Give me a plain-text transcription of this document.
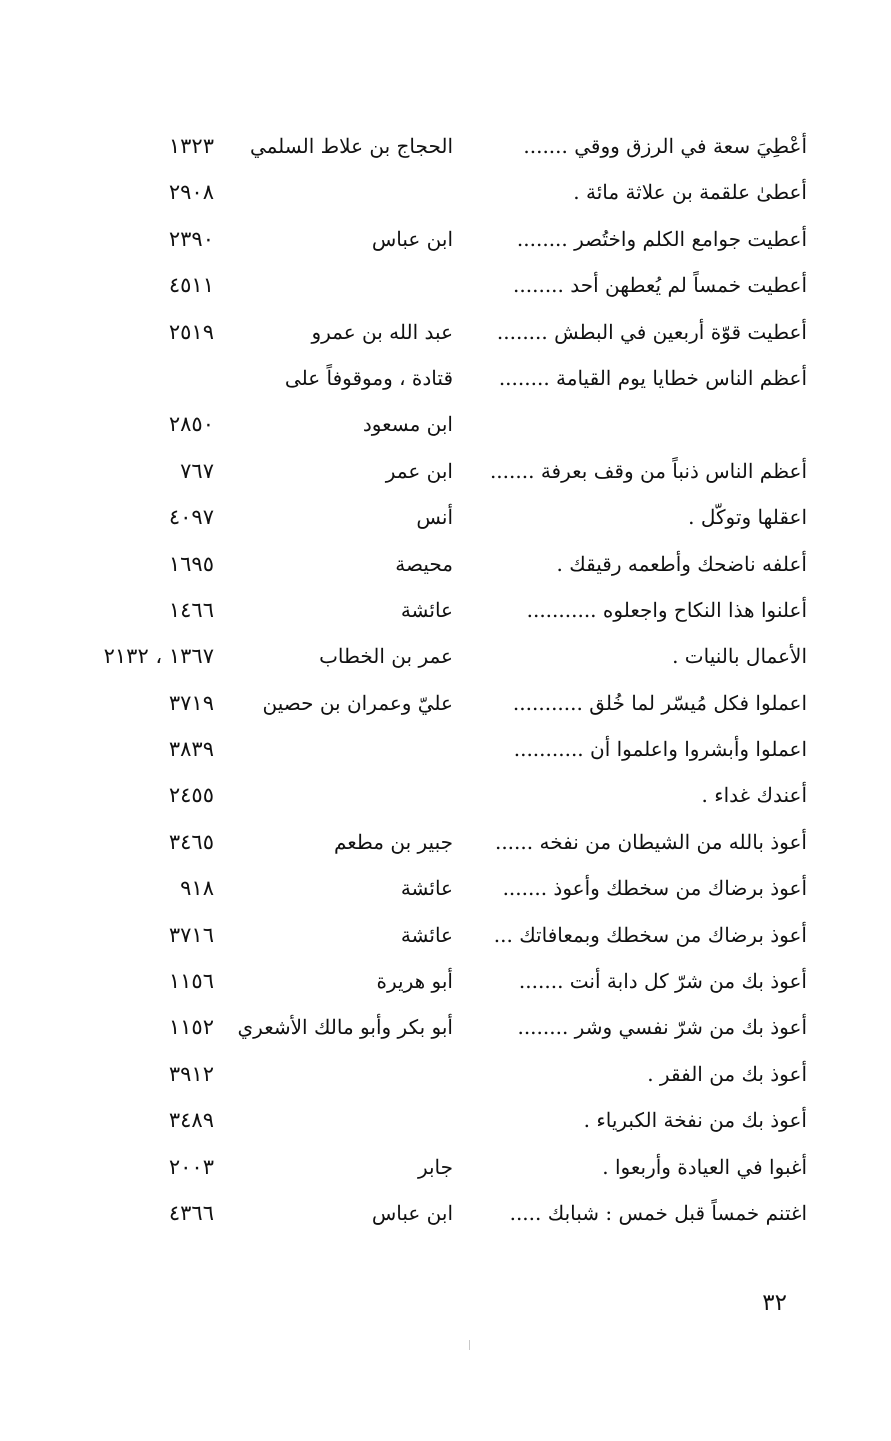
أُعْطِيَ سعة في الرزق ووقي .......
الحجاج بن علاط السلمي
١٣٢٣
أعطىٰ علقمة بن علاثة مائة .
٢٩٠٨
أعطيت جوامع الكلم واختُصر ........
ابن عباس
٢٣٩٠
أعطيت خمساً لم يُعطهن أحد ........
٤٥١١
أعطيت قوّة أربعين في البطش ........
عبد الله بن عمرو
٢٥١٩
أعظم الناس خطايا يوم القيامة ........
قتادة ، وموقوفاً على
ابن مسعود
٢٨٥٠
أعظم الناس ذنباً من وقف بعرفة .......
ابن عمر
٧٦٧
اعقلها وتوكّل .
أنس
٤٠٩٧
أعلفه ناضحك وأطعمه رقيقك .
محيصة
١٦٩٥
أعلنوا هذا النكاح واجعلوه ...........
عائشة
١٤٦٦
الأعمال بالنيات .
عمر بن الخطاب
١٣٦٧ ، ٢١٣٢
اعملوا فكل مُيسّر لما خُلق ...........
عليّ وعمران بن حصين
٣٧١٩
اعملوا وأبشروا واعلموا أن ...........
٣٨٣٩
أعندك غداء .
٢٤٥٥
أعوذ بالله من الشيطان من نفخه ......
جبير بن مطعم
٣٤٦٥
أعوذ برضاك من سخطك وأعوذ .......
عائشة
٩١٨
أعوذ برضاك من سخطك وبمعافاتك ...
عائشة
٣٧١٦
أعوذ بك من شرّ كل دابة أنت .......
أبو هريرة
١١٥٦
أعوذ بك من شرّ نفسي وشر ........
أبو بكر وأبو مالك الأشعري
١١٥٢
أعوذ بك من الفقر .
٣٩١٢
أعوذ بك من نفخة الكبرياء .
٣٤٨٩
أغبوا في العيادة وأربعوا .
جابر
٢٠٠٣
اغتنم خمساً قبل خمس : شبابك .....
ابن عباس
٤٣٦٦
٣٢
